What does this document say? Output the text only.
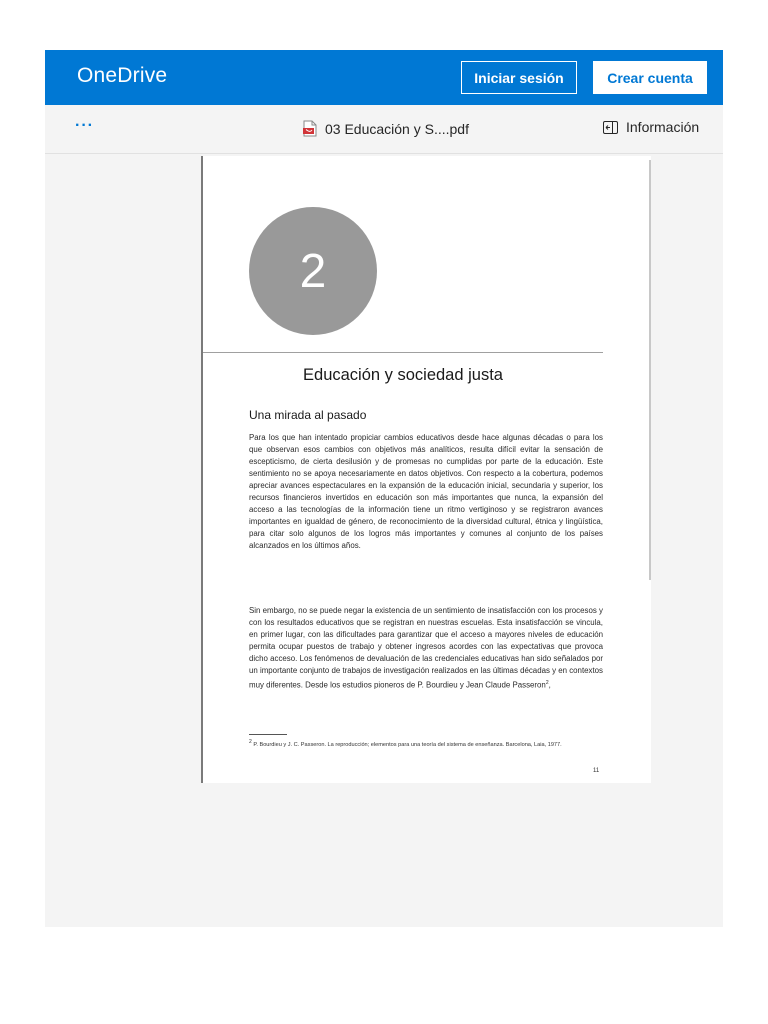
OneDrive	Iniciar sesión	Crear cuenta
···	03 Educación y S....pdf	Información
2
Educación y sociedad justa
Una mirada al pasado

Para los que han intentado propiciar cambios educativos desde hace algunas décadas o para los que observan esos cambios con objetivos más analíticos, resulta difícil evitar la sensación de escepticismo, de cierta desilusión y de promesas no cumplidas por parte de la educación. Este sentimiento no se apoya necesariamente en datos objetivos. Con respecto a la cobertura, podemos apreciar avances espectaculares en la expansión de la educación inicial, secundaria y superior, los recursos financieros invertidos en educación son más importantes que nunca, la expansión del acceso a las tecnologías de la información tiene un ritmo vertiginoso y se registraron avances importantes en igualdad de género, de reconocimiento de la diversidad cultural, étnica y lingüística, para citar solo algunos de los logros más importantes y comunes al conjunto de los países alcanzados en los últimos años.

Sin embargo, no se puede negar la existencia de un sentimiento de insatisfacción con los procesos y con los resultados educativos que se registran en nuestras escuelas. Esta insatisfacción se vincula, en primer lugar, con las dificultades para garantizar que el acceso a mayores niveles de educación permita ocupar puestos de trabajo y obtener ingresos acordes con las expectativas que provoca dicho acceso. Los fenómenos de devaluación de las credenciales educativas han sido señalados por un importante conjunto de trabajos de investigación realizados en las últimas décadas y en contextos muy diferentes. Desde los estudios pioneros de P. Bourdieu y Jean Claude Passeron$^2$,

$^2$ P. Bourdieu y J. C. Passeron. La reproducción; elementos para una teoría del sistema de enseñanza. Barcelona, Laia, 1977.

11
